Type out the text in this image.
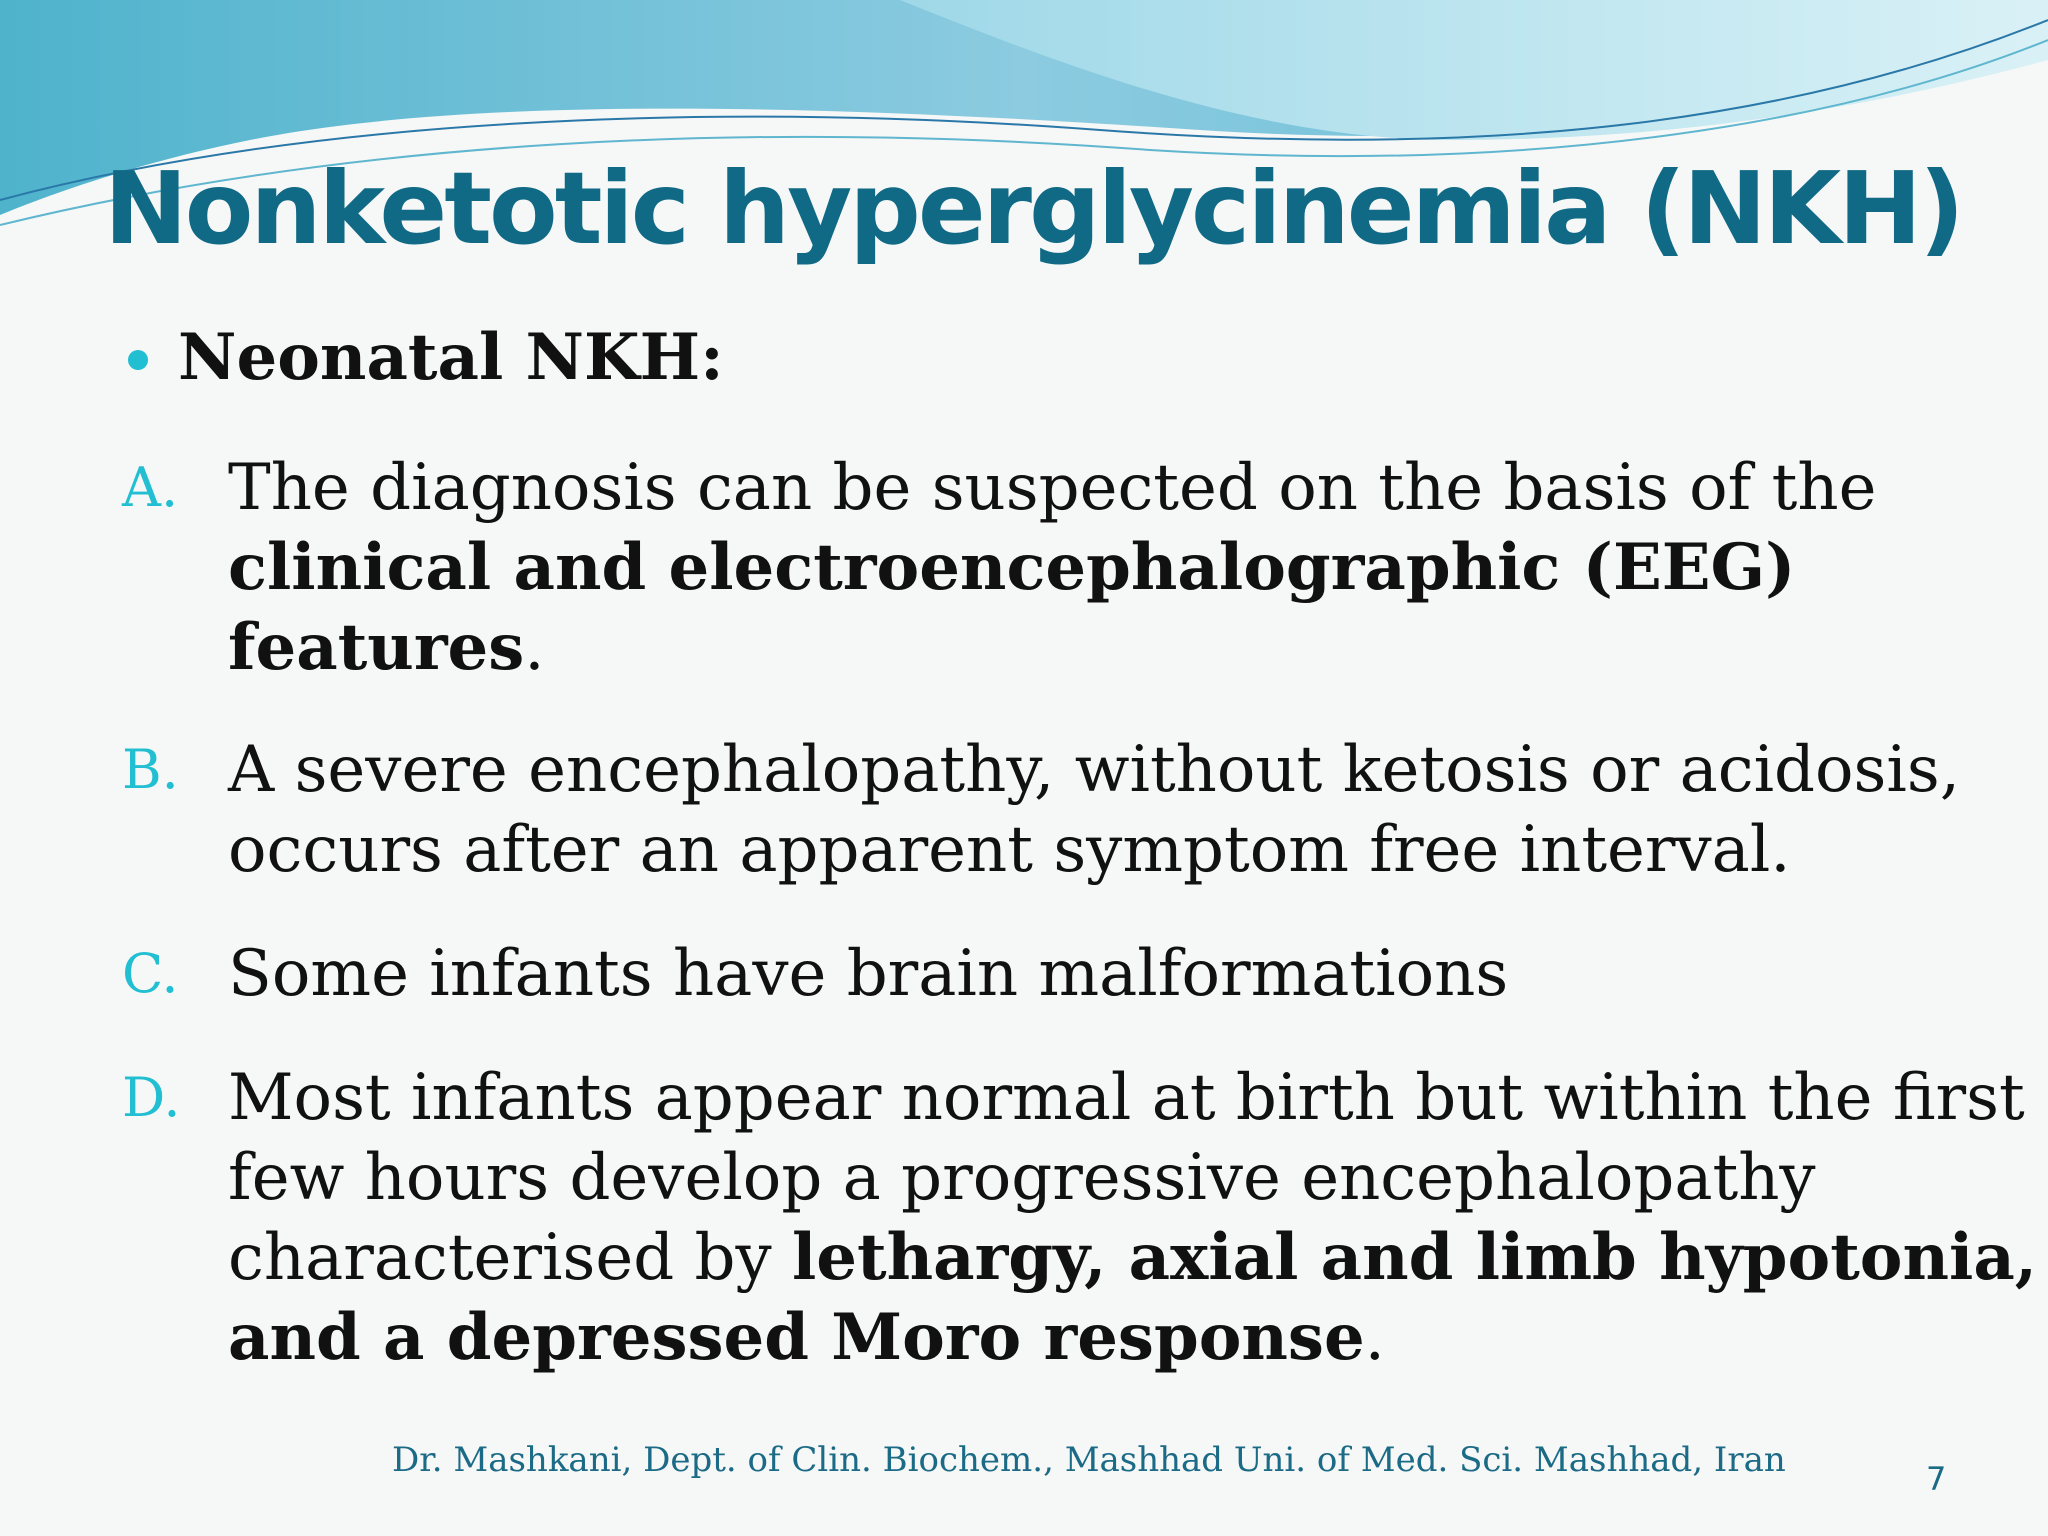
Nonketotic hyperglycinemia (NKH)
Neonatal NKH:
A. The diagnosis can be suspected on the basis of the clinical and electroencephalographic (EEG) features.
B. A severe encephalopathy, without ketosis or acidosis, occurs after an apparent symptom free interval.
C. Some infants have brain malformations
D. Most infants appear normal at birth but within the first few hours develop a progressive encephalopathy characterised by lethargy, axial and limb hypotonia, and a depressed Moro response.
Dr. Mashkani, Dept. of Clin. Biochem., Mashhad Uni. of Med. Sci. Mashhad, Iran	7
